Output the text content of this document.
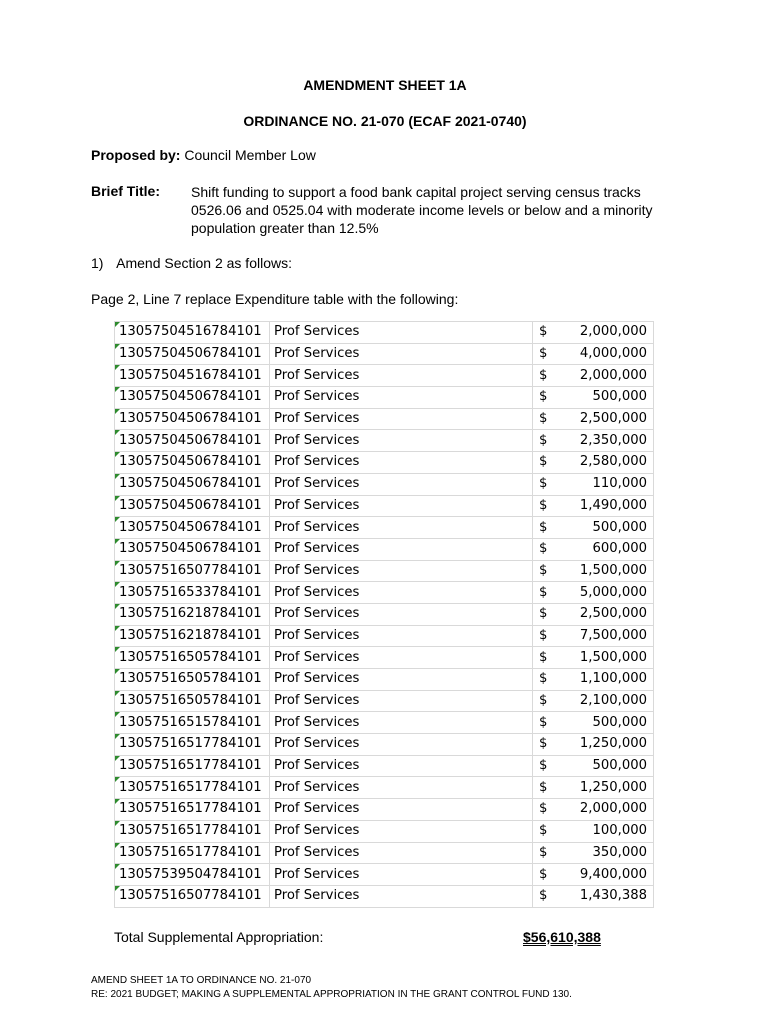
AMENDMENT SHEET 1A
ORDINANCE NO. 21-070 (ECAF 2021-0740)
Proposed by: Council Member Low
Brief Title: Shift funding to support a food bank capital project serving census tracks 0526.06 and 0525.04 with moderate income levels or below and a minority population greater than 12.5%
1) Amend Section 2 as follows:
Page 2, Line 7 replace Expenditure table with the following:
13057504516784101	Prof Services	$	2,000,000
13057504506784101	Prof Services	$	4,000,000
13057504516784101	Prof Services	$	2,000,000
13057504506784101	Prof Services	$	500,000
13057504506784101	Prof Services	$	2,500,000
13057504506784101	Prof Services	$	2,350,000
13057504506784101	Prof Services	$	2,580,000
13057504506784101	Prof Services	$	110,000
13057504506784101	Prof Services	$	1,490,000
13057504506784101	Prof Services	$	500,000
13057504506784101	Prof Services	$	600,000
13057516507784101	Prof Services	$	1,500,000
13057516533784101	Prof Services	$	5,000,000
13057516218784101	Prof Services	$	2,500,000
13057516218784101	Prof Services	$	7,500,000
13057516505784101	Prof Services	$	1,500,000
13057516505784101	Prof Services	$	1,100,000
13057516505784101	Prof Services	$	2,100,000
13057516515784101	Prof Services	$	500,000
13057516517784101	Prof Services	$	1,250,000
13057516517784101	Prof Services	$	500,000
13057516517784101	Prof Services	$	1,250,000
13057516517784101	Prof Services	$	2,000,000
13057516517784101	Prof Services	$	100,000
13057516517784101	Prof Services	$	350,000
13057539504784101	Prof Services	$	9,400,000
13057516507784101	Prof Services	$	1,430,388
Total Supplemental Appropriation:	$56,610,388
AMEND SHEET 1A TO ORDINANCE NO. 21-070
RE: 2021 BUDGET; MAKING A SUPPLEMENTAL APPROPRIATION IN THE GRANT CONTROL FUND 130.
